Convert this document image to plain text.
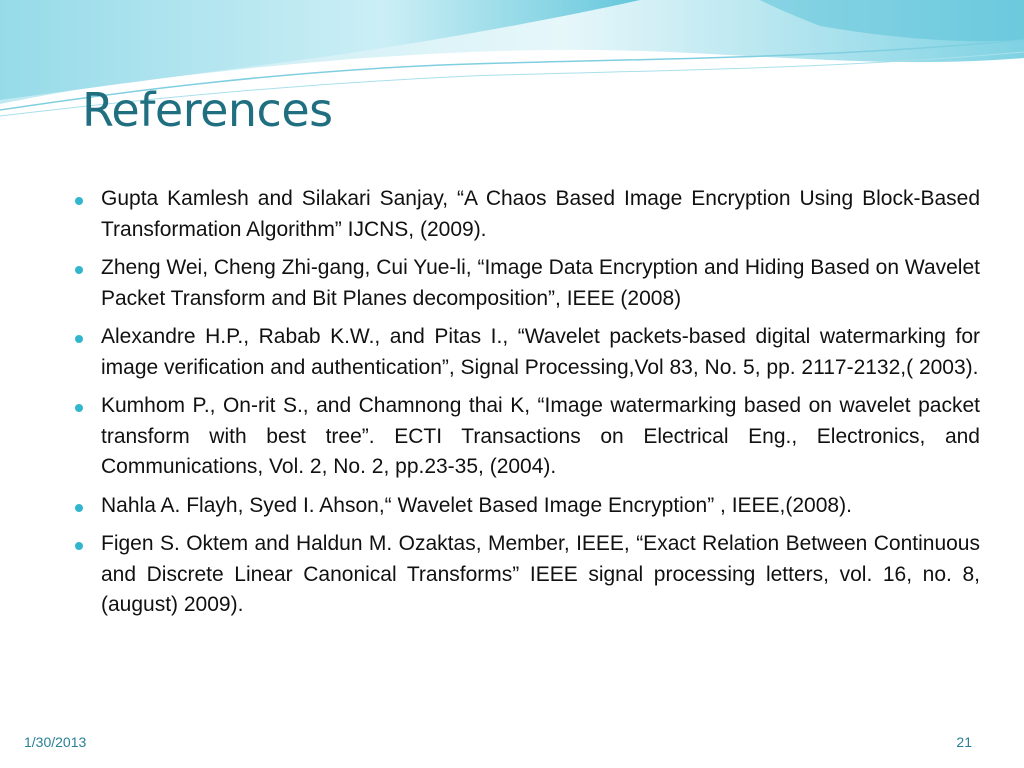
References
Gupta Kamlesh and Silakari Sanjay, “A Chaos Based Image Encryption Using Block-Based Transformation Algorithm” IJCNS, (2009).
Zheng Wei, Cheng Zhi-gang, Cui Yue-li, “Image Data Encryption and Hiding Based on Wavelet Packet Transform and Bit Planes decomposition”, IEEE (2008)
Alexandre H.P., Rabab K.W., and Pitas I., “Wavelet packets-based digital watermarking for image verification and authentication”, Signal Processing,Vol 83, No. 5, pp. 2117-2132,( 2003).
Kumhom P., On-rit S., and Chamnong thai K, “Image watermarking based on wavelet packet transform with best tree”. ECTI Transactions on Electrical Eng., Electronics, and Communications, Vol. 2, No. 2, pp.23-35, (2004).
Nahla A. Flayh, Syed I. Ahson,“ Wavelet Based Image Encryption” , IEEE,(2008).
Figen S. Oktem and Haldun M. Ozaktas, Member, IEEE, “Exact Relation Between Continuous and Discrete Linear Canonical Transforms” IEEE signal processing letters, vol. 16, no. 8, (august) 2009).
1/30/2013	21
